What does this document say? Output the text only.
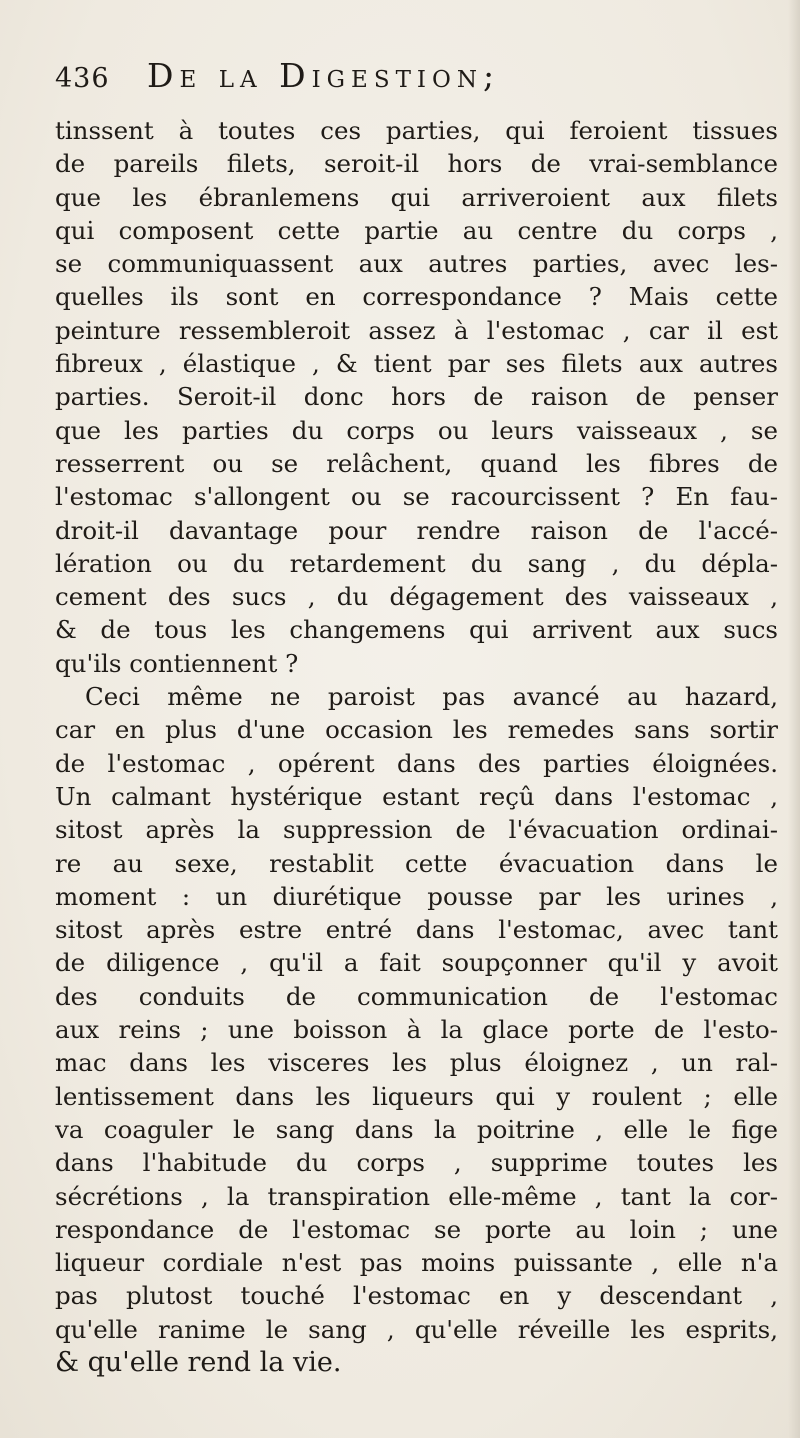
436 De la Digestion;
tinssent à toutes ces parties, qui feroient tissues
de pareils filets, seroit-il hors de vrai-semblance
que les ébranlemens qui arriveroient aux filets
qui composent cette partie au centre du corps ,
se communiquassent aux autres parties, avec les-
quelles ils sont en correspondance ? Mais cette
peinture ressembleroit assez à l'estomac , car il est
fibreux , élastique , & tient par ses filets aux autres
parties. Seroit-il donc hors de raison de penser
que les parties du corps ou leurs vaisseaux , se
resserrent ou se relâchent, quand les fibres de
l'estomac s'allongent ou se racourcissent ? En fau-
droit-il davantage pour rendre raison de l'accé-
lération ou du retardement du sang , du dépla-
cement des sucs , du dégagement des vaisseaux ,
& de tous les changemens qui arrivent aux sucs
qu'ils contiennent ?
Ceci même ne paroist pas avancé au hazard,
car en plus d'une occasion les remedes sans sortir
de l'estomac , opérent dans des parties éloignées.
Un calmant hystérique estant reçû dans l'estomac ,
sitost après la suppression de l'évacuation ordinai-
re au sexe, restablit cette évacuation dans le
moment : un diurétique pousse par les urines ,
sitost après estre entré dans l'estomac, avec tant
de diligence , qu'il a fait soupçonner qu'il y avoit
des conduits de communication de l'estomac
aux reins ; une boisson à la glace porte de l'esto-
mac dans les viscеres les plus éloignez , un ral-
lentissement dans les liqueurs qui y roulent ; elle
va coaguler le sang dans la poitrine , elle le fige
dans l'habitude du corps , supprime toutes les
sécrétions , la transpiration elle-même , tant la cor-
respondance de l'estomac se porte au loin ; une
liqueur cordiale n'est pas moins puissante , elle n'a
pas plutost touché l'estomac en y descendant ,
qu'elle ranime le sang , qu'elle réveille les esprits,
& qu'elle rend la vie.
